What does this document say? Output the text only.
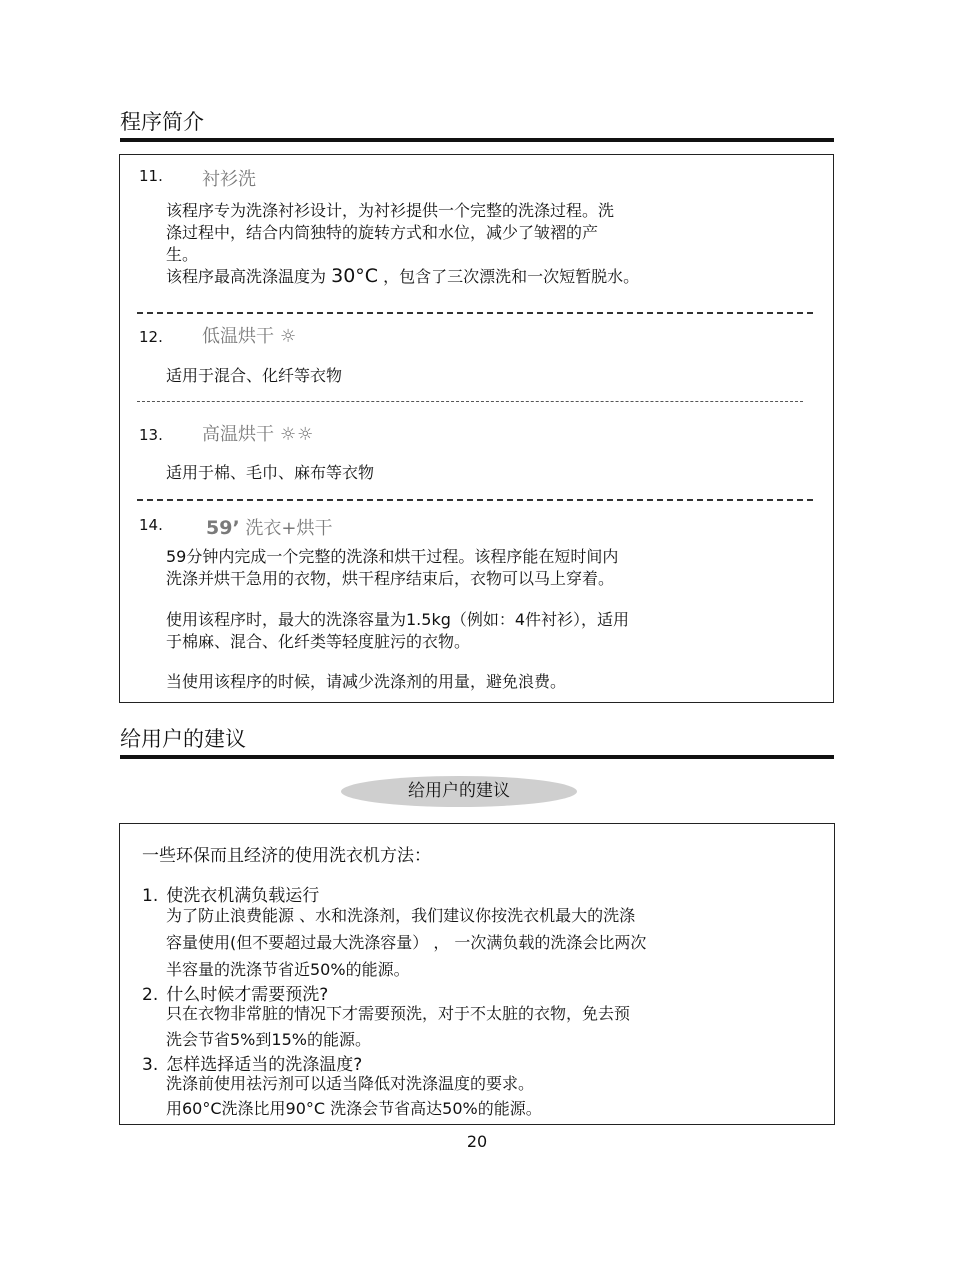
程序简介
11. 衬衫洗
该程序专为洗涤衬衫设计，为衬衫提供一个完整的洗涤过程。洗
涤过程中，结合内筒独特的旋转方式和水位，减少了皱褶的产
生。
该程序最高洗涤温度为 30°C ，包含了三次漂洗和一次短暂脱水。
12. 低温烘干 ☼
适用于混合、化纤等衣物
13. 高温烘干 ☼☼
适用于棉、毛巾、麻布等衣物
14. 59’ 洗衣+烘干
59分钟内完成一个完整的洗涤和烘干过程。该程序能在短时间内
洗涤并烘干急用的衣物，烘干程序结束后，衣物可以马上穿着。
使用该程序时，最大的洗涤容量为1.5kg（例如：4件衬衫），适用
于棉麻、混合、化纤类等轻度脏污的衣物。
当使用该程序的时候，请减少洗涤剂的用量，避免浪费。
给用户的建议
给用户的建议
一些环保而且经济的使用洗衣机方法：
1. 使洗衣机满负载运行
为了防止浪费能源 、水和洗涤剂，我们建议你按洗衣机最大的洗涤
容量使用(但不要超过最大洗涤容量） ， 一次满负载的洗涤会比两次
半容量的洗涤节省近50%的能源。
2. 什么时候才需要预洗?
只在衣物非常脏的情况下才需要预洗，对于不太脏的衣物，免去预
洗会节省5%到15%的能源。
3. 怎样选择适当的洗涤温度?
洗涤前使用祛污剂可以适当降低对洗涤温度的要求。
用60°C洗涤比用90°C 洗涤会节省高达50%的能源。
20
